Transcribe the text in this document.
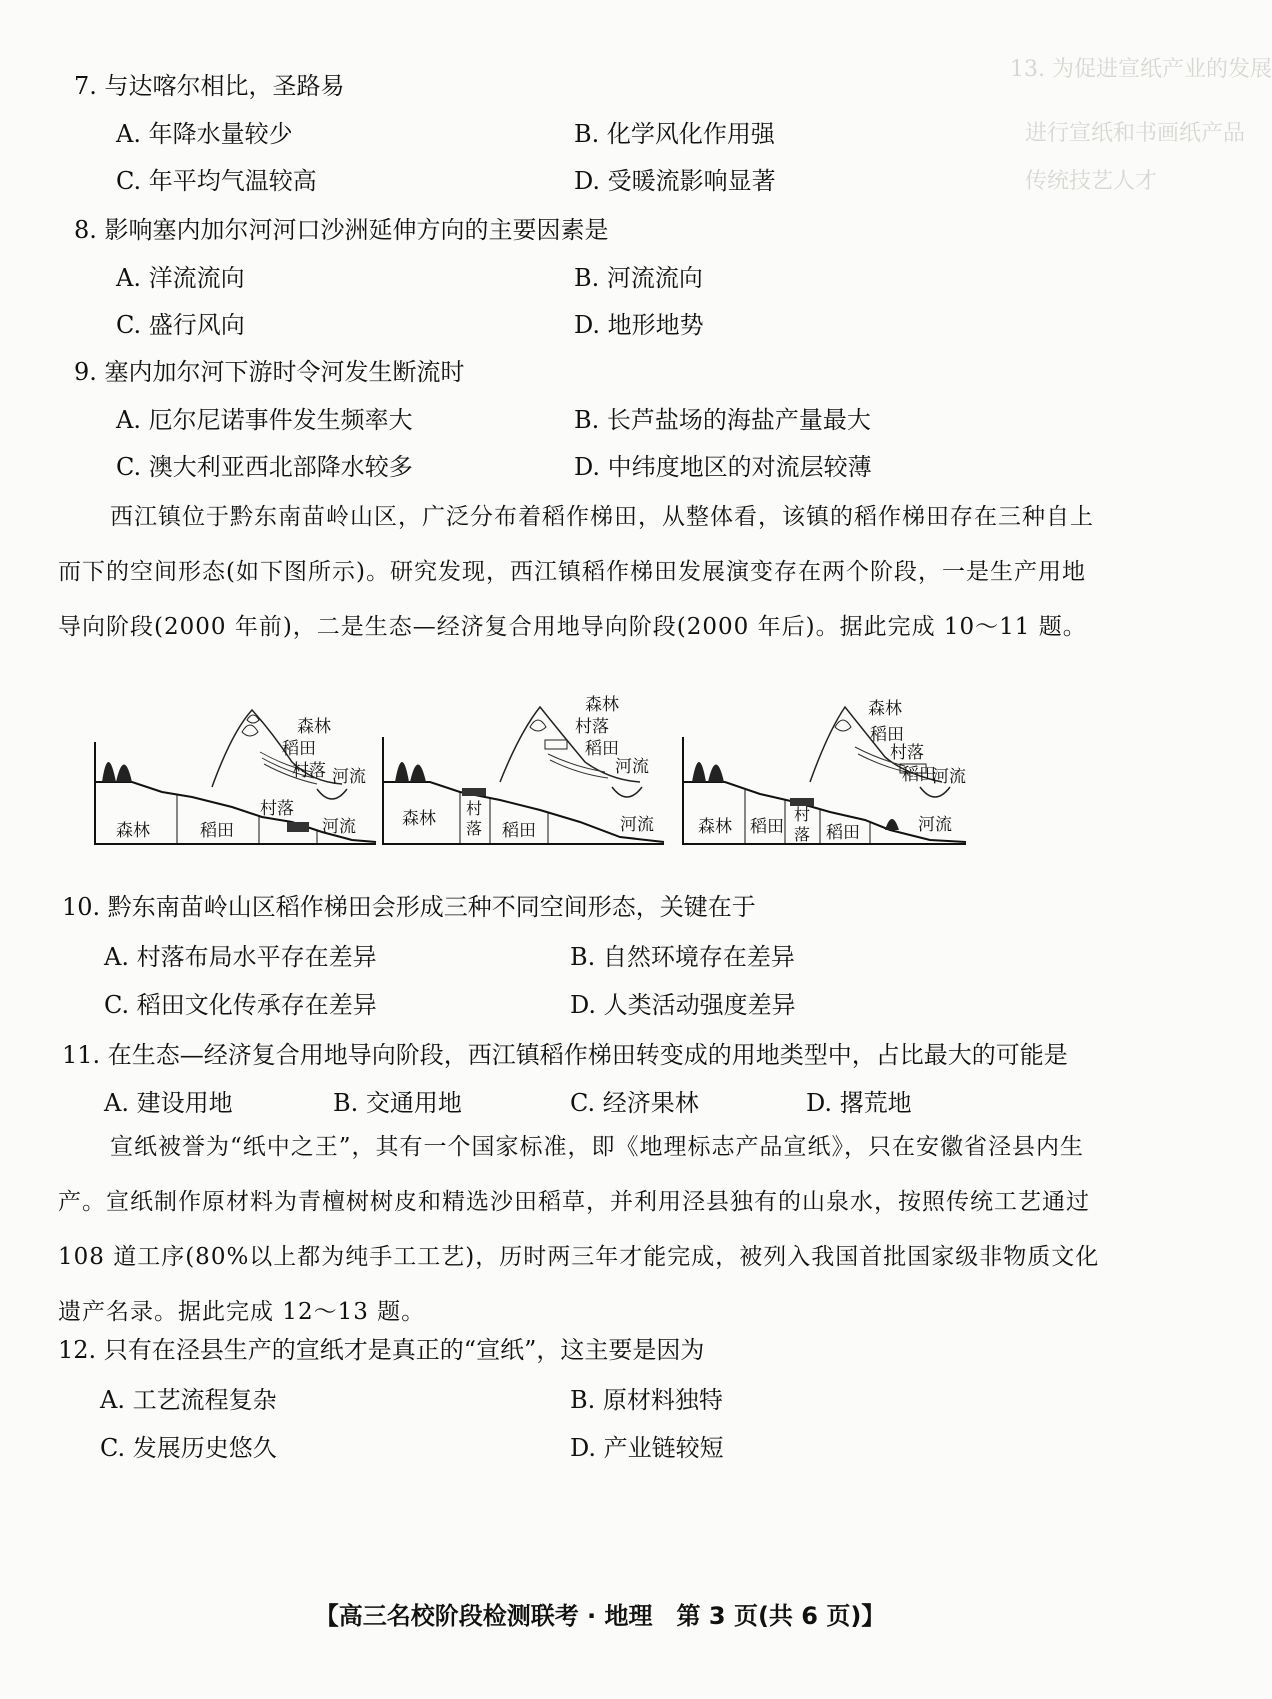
13. 为促进宣纸产业的发展
进行宣纸和书画纸产品
传统技艺人才
7. 与达喀尔相比，圣路易
A. 年降水量较少	B. 化学风化作用强
C. 年平均气温较高	D. 受暖流影响显著
8. 影响塞内加尔河河口沙洲延伸方向的主要因素是
A. 洋流流向	B. 河流流向
C. 盛行风向	D. 地形地势
9. 塞内加尔河下游时令河发生断流时
A. 厄尔尼诺事件发生频率大	B. 长芦盐场的海盐产量最大
C. 澳大利亚西北部降水较多	D. 中纬度地区的对流层较薄
西江镇位于黔东南苗岭山区，广泛分布着稻作梯田，从整体看，该镇的稻作梯田存在三种自上而下的空间形态(如下图所示)。研究发现，西江镇稻作梯田发展演变存在两个阶段，一是生产用地导向阶段(2000 年前)，二是生态—经济复合用地导向阶段(2000 年后)。据此完成 10～11 题。
森林
稻田
村落 河流
森林	稻田
村落
河流
森林
村落
稻田
河流
森林
村
落 稻田	河流
森林
稻田
村落
稻田
河流
森林 稻田
村
落 稻田	河流
10. 黔东南苗岭山区稻作梯田会形成三种不同空间形态，关键在于
A. 村落布局水平存在差异	B. 自然环境存在差异
C. 稻田文化传承存在差异	D. 人类活动强度差异
11. 在生态—经济复合用地导向阶段，西江镇稻作梯田转变成的用地类型中，占比最大的可能是
A. 建设用地	B. 交通用地	C. 经济果林	D. 撂荒地
宣纸被誉为“纸中之王”，其有一个国家标准，即《地理标志产品宣纸》，只在安徽省泾县内生产。宣纸制作原材料为青檀树树皮和精选沙田稻草，并利用泾县独有的山泉水，按照传统工艺通过 108 道工序(80%以上都为纯手工工艺)，历时两三年才能完成，被列入我国首批国家级非物质文化遗产名录。据此完成 12～13 题。
12. 只有在泾县生产的宣纸才是真正的“宣纸”，这主要是因为
A. 工艺流程复杂	B. 原材料独特
C. 发展历史悠久	D. 产业链较短
【高三名校阶段检测联考 · 地理　第 3 页(共 6 页)】
